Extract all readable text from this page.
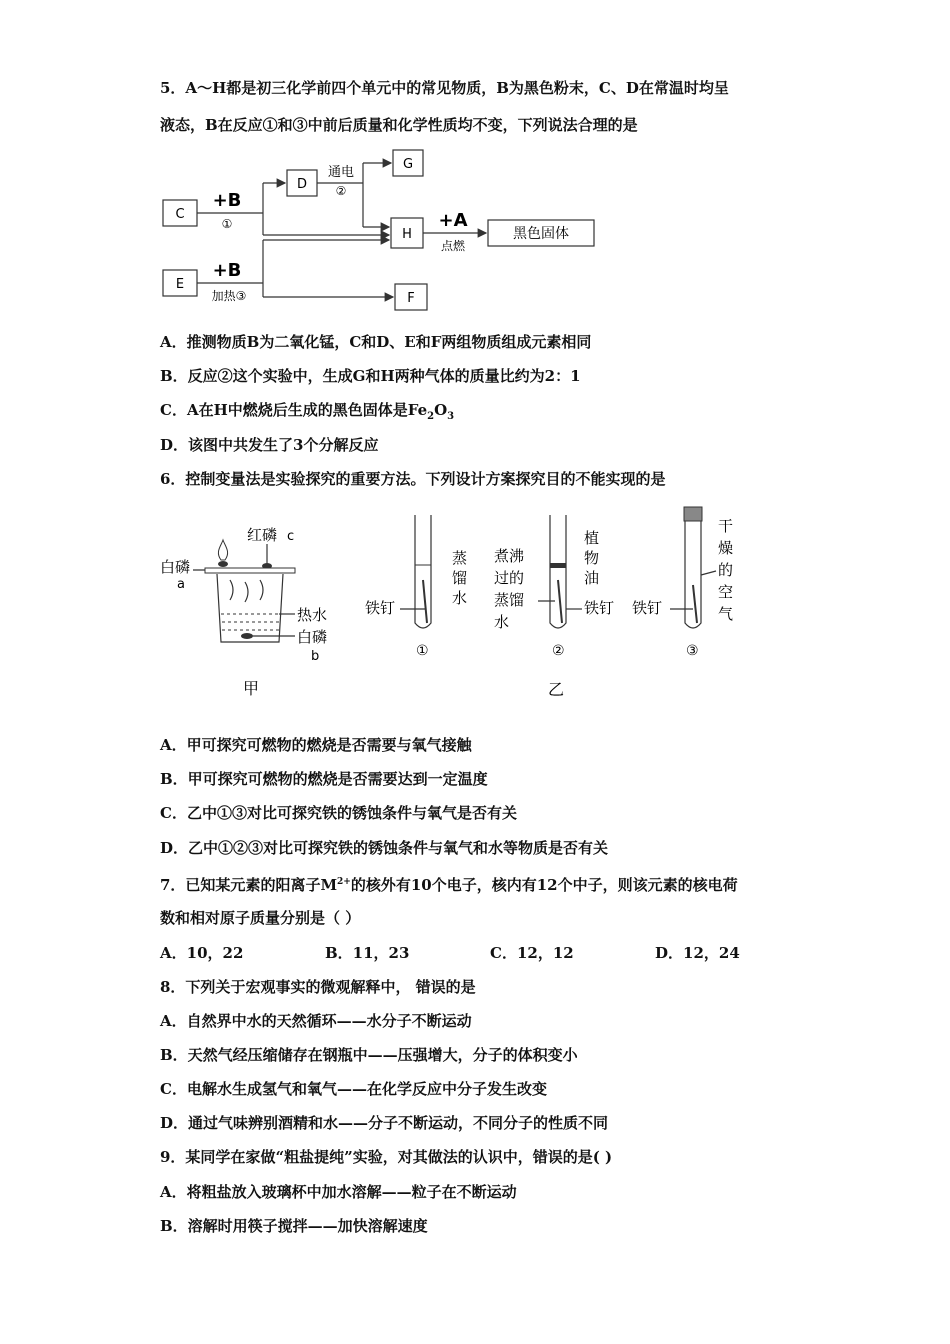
5．A～H都是初三化学前四个单元中的常见物质，B为黑色粉末，C、D在常温时均呈
液态，B在反应①和③中前后质量和化学性质均不变，下列说法合理的是
C
D
G
H	黑色固体
E
F
+B
①
通电
②
+A
点燃
+B
加热③
A．推测物质B为二氧化锰，C和D、E和F两组物质组成元素相同
B．反应②这个实验中，生成G和H两种气体的质量比约为2：1
C．A在H中燃烧后生成的黑色固体是$Fe_2O_3$
D．该图中共发生了3个分解反应
6．控制变量法是实验探究的重要方法。下列设计方案探究目的不能实现的是
红磷 c
白磷
a
热水
白磷
b
甲
铁钉
蒸
馏
水
①
煮沸
过的
蒸馏
水
植
物
油
铁钉
②
铁钉
干
燥
的
空
气
③
乙
A．甲可探究可燃物的燃烧是否需要与氧气接触
B．甲可探究可燃物的燃烧是否需要达到一定温度
C．乙中①③对比可探究铁的锈蚀条件与氧气是否有关
D．乙中①②③对比可探究铁的锈蚀条件与氧气和水等物质是否有关
7．已知某元素的阳离子$M^{2+}$的核外有10个电子，核内有12个中子，则该元素的核电荷
数和相对原子质量分别是（ ）
A．10，22	B．11，23	C．12，12	D．12，24
8．下列关于宏观事实的微观解释中， 错误的是
A．自然界中水的天然循环——水分子不断运动
B．天然气经压缩储存在钢瓶中——压强增大，分子的体积变小
C．电解水生成氢气和氧气——在化学反应中分子发生改变
D．通过气味辨别酒精和水——分子不断运动，不同分子的性质不同
9．某同学在家做“粗盐提纯”实验，对其做法的认识中，错误的是( )
A．将粗盐放入玻璃杯中加水溶解——粒子在不断运动
B．溶解时用筷子搅拌——加快溶解速度
